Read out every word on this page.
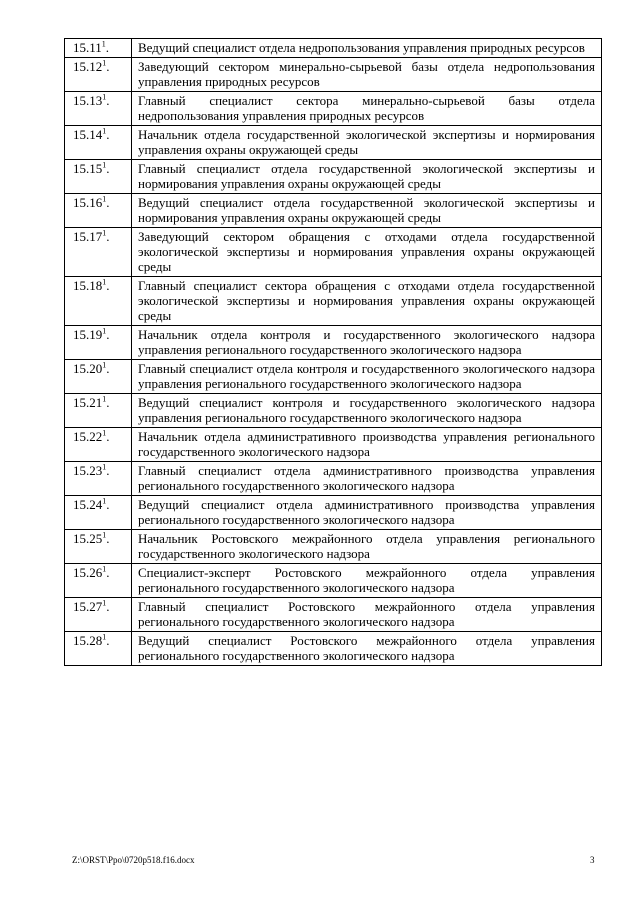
15.11$^1$.	Ведущий специалист отдела недропользования управления природных ресурсов
15.12$^1$.	Заведующий сектором минерально-сырьевой базы отдела недропользования управления природных ресурсов
15.13$^1$.	Главный специалист сектора минерально-сырьевой базы отдела недропользования управления природных ресурсов
15.14$^1$.	Начальник отдела государственной экологической экспертизы и нормирования управления охраны окружающей среды
15.15$^1$.	Главный специалист отдела государственной экологической экспертизы и нормирования управления охраны окружающей среды
15.16$^1$.	Ведущий специалист отдела государственной экологической экспертизы и нормирования управления охраны окружающей среды
15.17$^1$.	Заведующий сектором обращения с отходами отдела государственной экологической экспертизы и нормирования управления охраны окружающей среды
15.18$^1$.	Главный специалист сектора обращения с отходами отдела государственной экологической экспертизы и нормирования управления охраны окружающей среды
15.19$^1$.	Начальник отдела контроля и государственного экологического надзора управления регионального государственного экологического надзора
15.20$^1$.	Главный специалист отдела контроля и государственного экологического надзора управления регионального государственного экологического надзора
15.21$^1$.	Ведущий специалист контроля и государственного экологического надзора управления регионального государственного экологического надзора
15.22$^1$.	Начальник отдела административного производства управления регионального государственного экологического надзора
15.23$^1$.	Главный специалист отдела административного производства управления регионального государственного экологического надзора
15.24$^1$.	Ведущий специалист отдела административного производства управления регионального государственного экологического надзора
15.25$^1$.	Начальник Ростовского межрайонного отдела управления регионального государственного экологического надзора
15.26$^1$.	Специалист-эксперт Ростовского межрайонного отдела управления регионального государственного экологического надзора
15.27$^1$.	Главный специалист Ростовского межрайонного отдела управления регионального государственного экологического надзора
15.28$^1$.	Ведущий специалист Ростовского межрайонного отдела управления регионального государственного экологического надзора
Z:\ORST\Ppo\0720p518.f16.docx	3
